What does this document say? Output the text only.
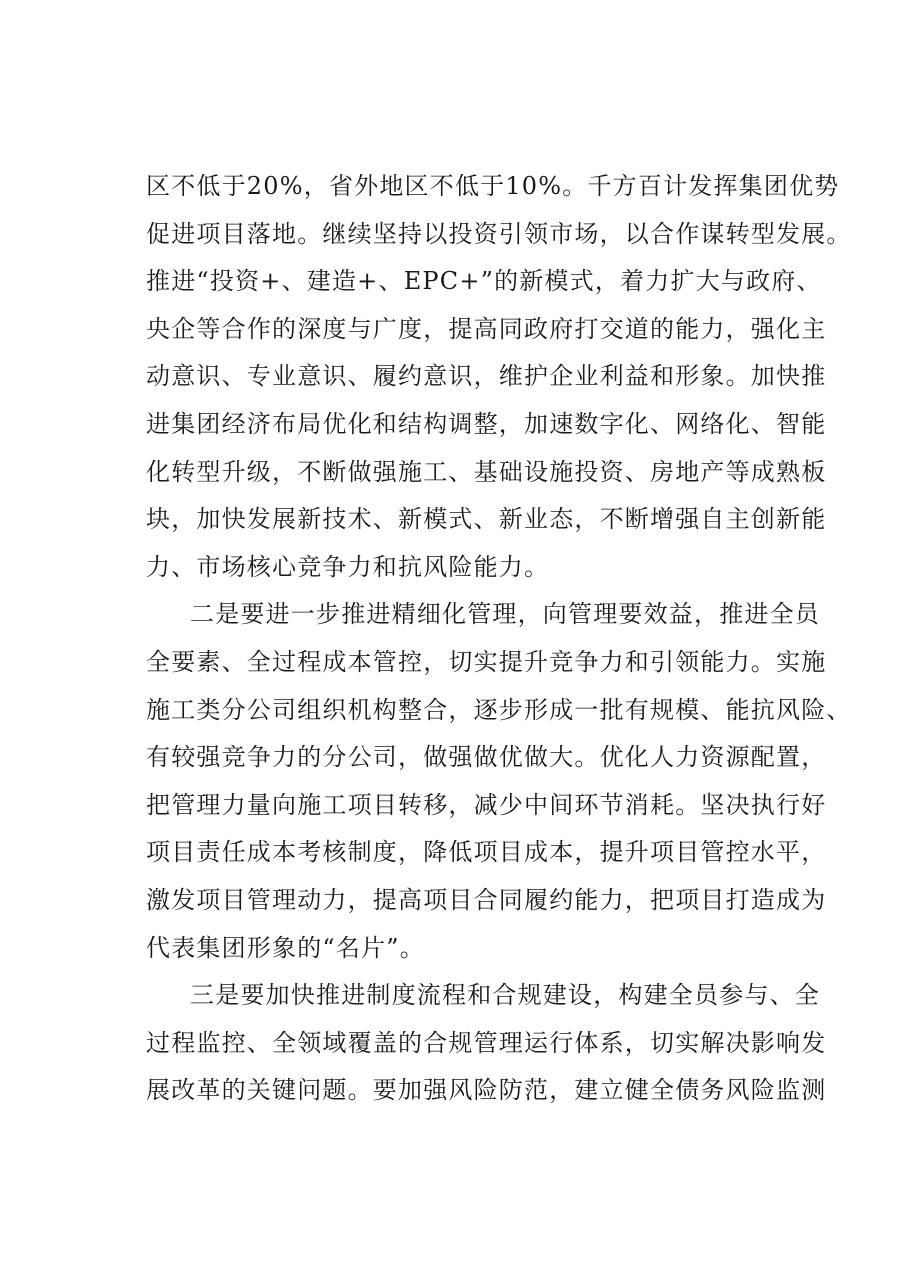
区不低于20%，省外地区不低于10%。千方百计发挥集团优势
促进项目落地。继续坚持以投资引领市场，以合作谋转型发展。
推进“投资+、建造+、EPC+”的新模式，着力扩大与政府、
央企等合作的深度与广度，提高同政府打交道的能力，强化主
动意识、专业意识、履约意识，维护企业利益和形象。加快推
进集团经济布局优化和结构调整，加速数字化、网络化、智能
化转型升级，不断做强施工、基础设施投资、房地产等成熟板
块，加快发展新技术、新模式、新业态，不断增强自主创新能
力、市场核心竞争力和抗风险能力。
二是要进一步推进精细化管理，向管理要效益，推进全员
全要素、全过程成本管控，切实提升竞争力和引领能力。实施
施工类分公司组织机构整合，逐步形成一批有规模、能抗风险、
有较强竞争力的分公司，做强做优做大。优化人力资源配置，
把管理力量向施工项目转移，减少中间环节消耗。坚决执行好
项目责任成本考核制度，降低项目成本，提升项目管控水平，
激发项目管理动力，提高项目合同履约能力，把项目打造成为
代表集团形象的“名片”。
三是要加快推进制度流程和合规建设，构建全员参与、全
过程监控、全领域覆盖的合规管理运行体系，切实解决影响发
展改革的关键问题。要加强风险防范，建立健全债务风险监测
